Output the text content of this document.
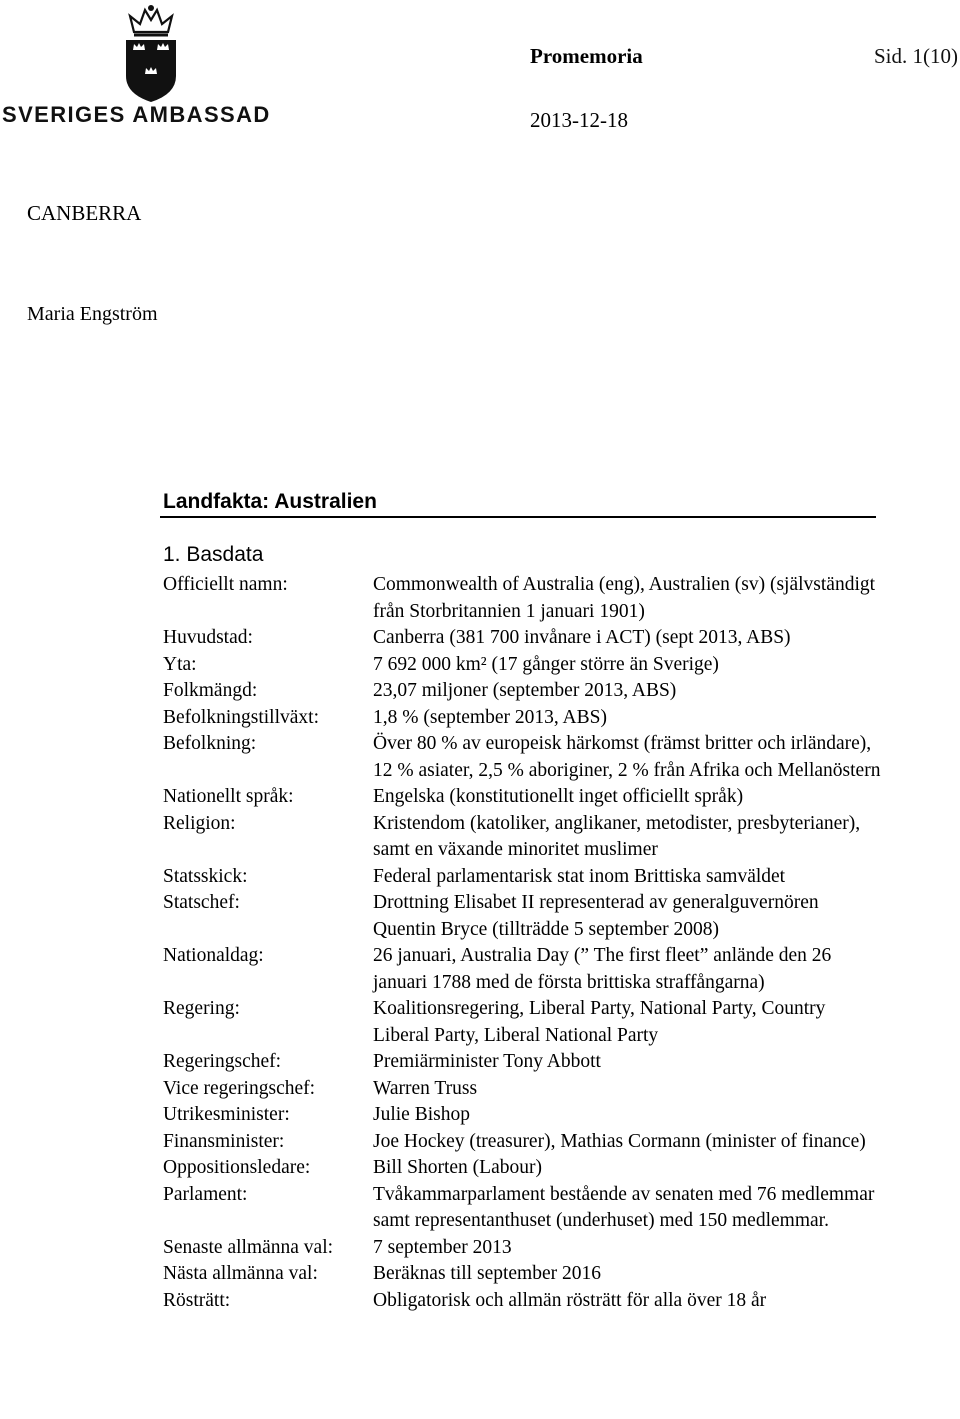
SVERIGES AMBASSAD
Promemoria	Sid. 1(10)
2013-12-18
CANBERRA
Maria Engström
Landfakta: Australien
1. Basdata
Officiellt namn:	Commonwealth of Australia (eng), Australien (sv) (självständigt från Storbritannien 1 januari 1901)
Huvudstad:	Canberra (381 700 invånare i ACT) (sept 2013, ABS)
Yta:	7 692 000 km² (17 gånger större än Sverige)
Folkmängd:	23,07 miljoner (september 2013, ABS)
Befolkningstillväxt:	1,8 % (september 2013, ABS)
Befolkning:	Över 80 % av europeisk härkomst (främst britter och irländare), 12 % asiater, 2,5 % aboriginer, 2 % från Afrika och Mellanöstern
Nationellt språk:	Engelska (konstitutionellt inget officiellt språk)
Religion:	Kristendom (katoliker, anglikaner, metodister, presbyterianer), samt en växande minoritet muslimer
Statsskick:	Federal parlamentarisk stat inom Brittiska samväldet
Statschef:	Drottning Elisabet II representerad av generalguvernören Quentin Bryce (tillträdde 5 september 2008)
Nationaldag:	26 januari, Australia Day (” The first fleet” anlände den 26 januari 1788 med de första brittiska straffångarna)
Regering:	Koalitionsregering, Liberal Party, National Party, Country Liberal Party, Liberal National Party
Regeringschef:	Premiärminister Tony Abbott
Vice regeringschef:	Warren Truss
Utrikesminister:	Julie Bishop
Finansminister:	Joe Hockey (treasurer), Mathias Cormann (minister of finance)
Oppositionsledare:	Bill Shorten (Labour)
Parlament:	Tvåkammarparlament bestående av senaten med 76 medlemmar samt representanthuset (underhuset) med 150 medlemmar.
Senaste allmänna val:	7 september 2013
Nästa allmänna val:	Beräknas till september 2016
Rösträtt:	Obligatorisk och allmän rösträtt för alla över 18 år
